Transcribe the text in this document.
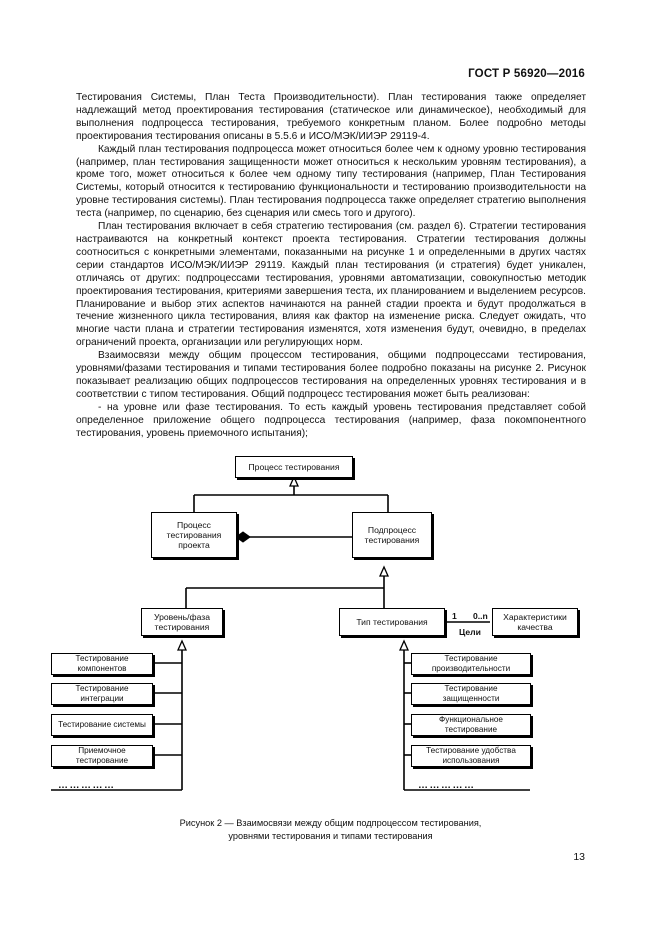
ГОСТ Р 56920—2016

Тестирования Системы, План Теста Производительности). План тестирования также определяет надлежащий метод проектирования тестирования (статическое или динамическое), необходимый для выполнения подпроцесса тестирования, требуемого конкретным планом. Более подробно методы проектирования тестирования описаны в 5.5.6 и ИСО/МЭК/ИИЭР 29119-4.

Каждый план тестирования подпроцесса может относиться более чем к одному уровню тестирования (например, план тестирования защищенности может относиться к нескольким уровням тестирования), а кроме того, может относиться к более чем одному типу тестирования (например, План Тестирования Системы, который относится к тестированию функциональности и тестированию производительности на уровне тестирования системы). План тестирования подпроцесса также определяет стратегию выполнения теста (например, по сценарию, без сценария или смесь того и другого).

План тестирования включает в себя стратегию тестирования (см. раздел 6). Стратегии тестирования настраиваются на конкретный контекст проекта тестирования. Стратегии тестирования должны соотноситься с конкретными элементами, показанными на рисунке 1 и определенными в других частях серии стандартов ИСО/МЭК/ИИЭР 29119. Каждый план тестирования (и стратегия) будет уникален, отличаясь от других: подпроцессами тестирования, уровнями автоматизации, совокупностью методик проектирования тестирования, критериями завершения теста, их планированием и выделением ресурсов. Планирование и выбор этих аспектов начинаются на ранней стадии проекта и будут продолжаться в течение жизненного цикла тестирования, влияя как фактор на изменение риска. Следует ожидать, что многие части плана и стратегии тестирования изменятся, хотя изменения будут, очевидно, в пределах ограничений проекта, организации или регулирующих норм.

Взаимосвязи между общим процессом тестирования, общими подпроцессами тестирования, уровнями/фазами тестирования и типами тестирования более подробно показаны на рисунке 2. Рисунок показывает реализацию общих подпроцессов тестирования на определенных уровнях тестирования и в соответствии с типом тестирования. Общий подпроцесс тестирования может быть реализован:

- на уровне или фазе тестирования. То есть каждый уровень тестирования представляет собой определенное приложение общего подпроцесса тестирования (например, фаза покомпонентного тестирования, уровень приемочного испытания);

Процесс тестирования
Процесс тестирования проекта
Подпроцесс тестирования
Уровень/фаза тестирования	Тип тестирования	Характеристики качества
1 0..n
Цели
Тестирование компонентов
Тестирование интеграции
Тестирование системы
Приемочное тестирование
……………
Тестирование производительности
Тестирование защищенности
Функциональное тестирование
Тестирование удобства использования
……………
Рисунок 2 — Взаимосвязи между общим подпроцессом тестирования,
уровнями тестирования и типами тестирования
13
